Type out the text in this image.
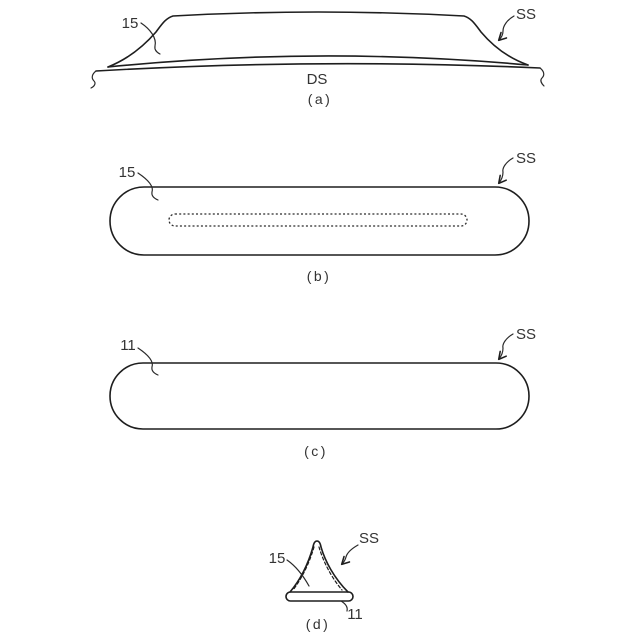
15
SS
DS
(a)
15
SS
(b)
11
SS
(c)
15
SS
11
(d)
